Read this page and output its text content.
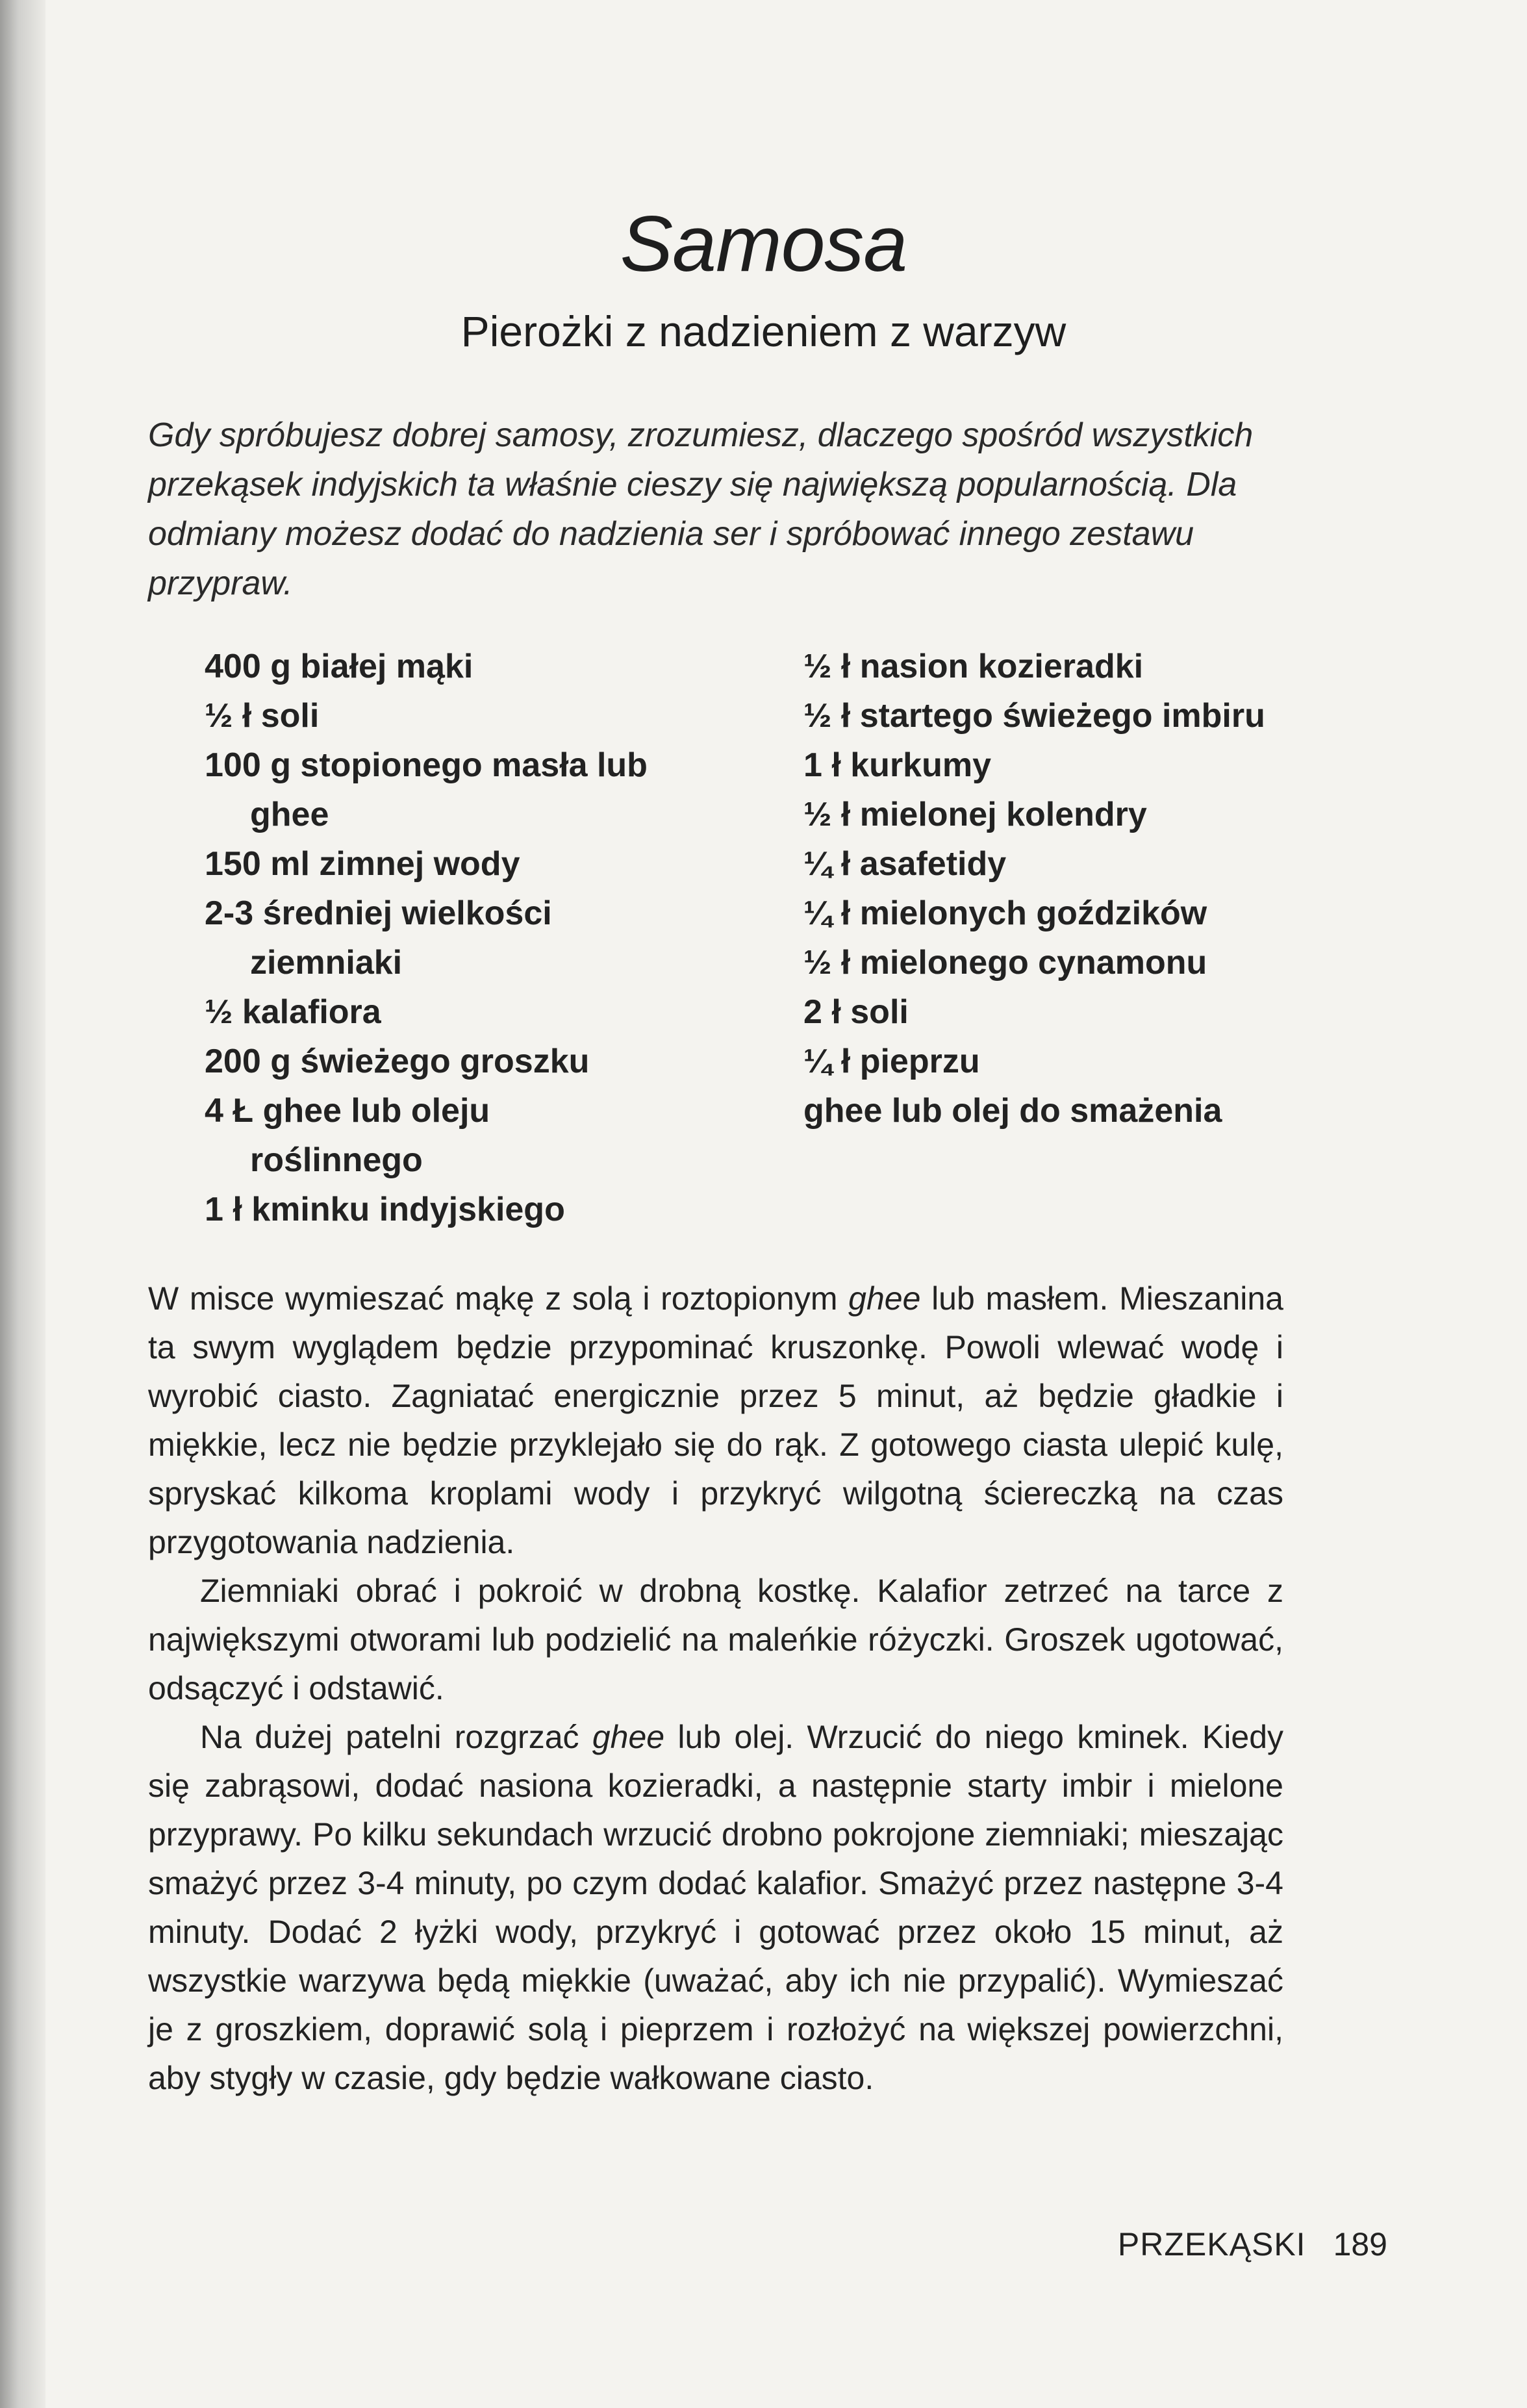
Samosa
Pierożki z nadzieniem z warzyw

Gdy spróbujesz dobrej samosy, zrozumiesz, dlaczego spośród wszystkich przekąsek indyjskich ta właśnie cieszy się największą popularnością. Dla odmiany możesz dodać do nadzienia ser i spróbować innego zestawu przypraw.

400 g białej mąki
½ ł soli
100 g stopionego masła lub ghee
150 ml zimnej wody
2-3 średniej wielkości ziemniaki
½ kalafiora
200 g świeżego groszku
4 Ł ghee lub oleju roślinnego
1 ł kminku indyjskiego
½ ł nasion kozieradki
½ ł startego świeżego imbiru
1 ł kurkumy
½ ł mielonej kolendry
¼ ł asafetidy
¼ ł mielonych goździków
½ ł mielonego cynamonu
2 ł soli
¼ ł pieprzu
ghee lub olej do smażenia

W misce wymieszać mąkę z solą i roztopionym ghee lub masłem. Mieszanina ta swym wyglądem będzie przypominać kruszonkę. Powoli wlewać wodę i wyrobić ciasto. Zagniatać energicznie przez 5 minut, aż będzie gładkie i miękkie, lecz nie będzie przyklejało się do rąk. Z gotowego ciasta ulepić kulę, spryskać kilkoma kroplami wody i przykryć wilgotną ściereczką na czas przygotowania nadzienia.

Ziemniaki obrać i pokroić w drobną kostkę. Kalafior zetrzeć na tarce z największymi otworami lub podzielić na maleńkie różyczki. Groszek ugotować, odsączyć i odstawić.

Na dużej patelni rozgrzać ghee lub olej. Wrzucić do niego kminek. Kiedy się zabrąsowi, dodać nasiona kozieradki, a następnie starty imbir i mielone przyprawy. Po kilku sekundach wrzucić drobno pokrojone ziemniaki; mieszając smażyć przez 3-4 minuty, po czym dodać kalafior. Smażyć przez następne 3-4 minuty. Dodać 2 łyżki wody, przykryć i gotować przez około 15 minut, aż wszystkie warzywa będą miękkie (uważać, aby ich nie przypalić). Wymieszać je z groszkiem, doprawić solą i pieprzem i rozłożyć na większej powierzchni, aby stygły w czasie, gdy będzie wałkowane ciasto.

PRZEKĄSKI 189
